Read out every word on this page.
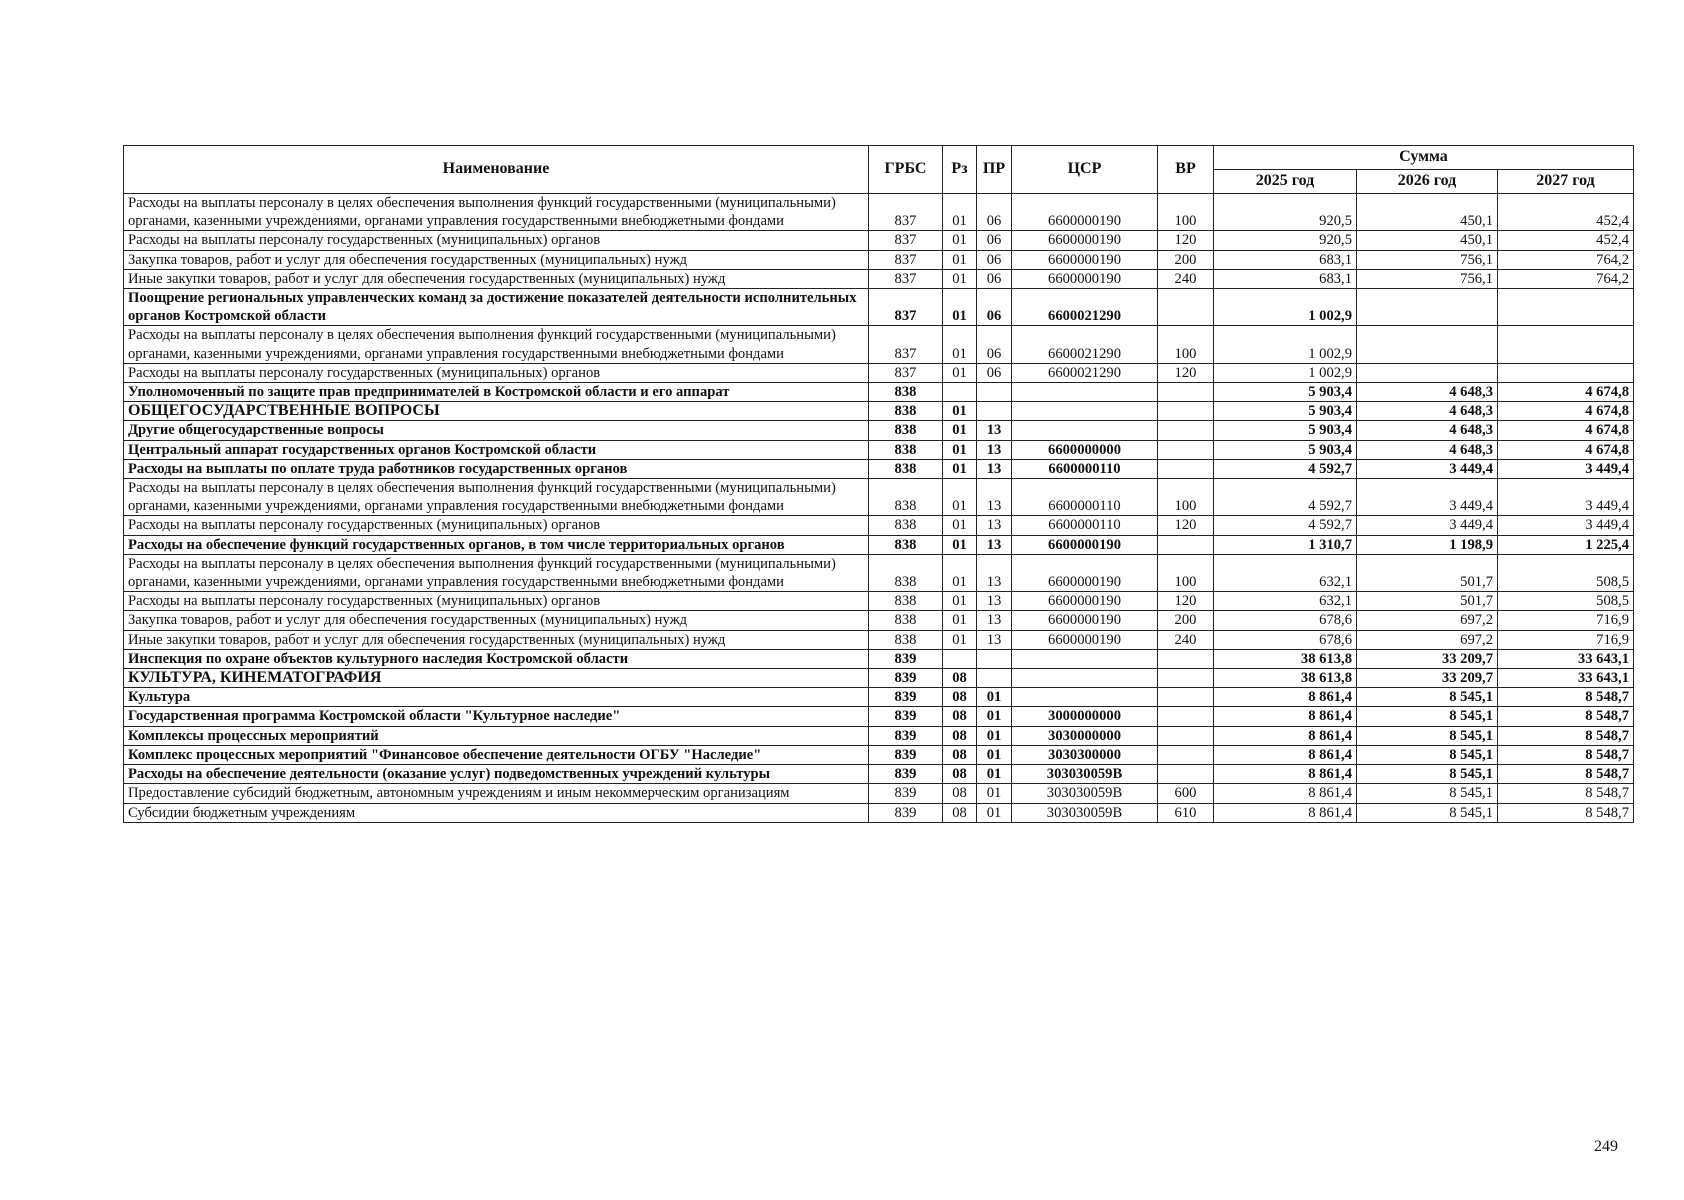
Наименование	ГРБС	Рз	ПР	ЦСР	ВР	Сумма		
						2025 год	2026 год	2027 год
Расходы на выплаты персоналу в целях обеспечения выполнения функций государственными (муниципальными) органами, казенными учреждениями, органами управления государственными внебюджетными фондами	837	01	06	6600000190	100	920,5	450,1	452,4
Расходы на выплаты персоналу государственных (муниципальных) органов	837	01	06	6600000190	120	920,5	450,1	452,4
Закупка товаров, работ и услуг для обеспечения государственных (муниципальных) нужд	837	01	06	6600000190	200	683,1	756,1	764,2
Иные закупки товаров, работ и услуг для обеспечения государственных (муниципальных) нужд	837	01	06	6600000190	240	683,1	756,1	764,2
Поощрение региональных управленческих команд за достижение показателей деятельности исполнительных органов Костромской области	837	01	06	6600021290		1 002,9		
Расходы на выплаты персоналу в целях обеспечения выполнения функций государственными (муниципальными) органами, казенными учреждениями, органами управления государственными внебюджетными фондами	837	01	06	6600021290	100	1 002,9		
Расходы на выплаты персоналу государственных (муниципальных) органов	837	01	06	6600021290	120	1 002,9		
Уполномоченный по защите прав предпринимателей в Костромской области и его аппарат	838					5 903,4	4 648,3	4 674,8
ОБЩЕГОСУДАРСТВЕННЫЕ ВОПРОСЫ	838	01				5 903,4	4 648,3	4 674,8
Другие общегосударственные вопросы	838	01	13			5 903,4	4 648,3	4 674,8
Центральный аппарат государственных органов Костромской области	838	01	13	6600000000		5 903,4	4 648,3	4 674,8
Расходы на выплаты по оплате труда работников государственных органов	838	01	13	6600000110		4 592,7	3 449,4	3 449,4
Расходы на выплаты персоналу в целях обеспечения выполнения функций государственными (муниципальными) органами, казенными учреждениями, органами управления государственными внебюджетными фондами	838	01	13	6600000110	100	4 592,7	3 449,4	3 449,4
Расходы на выплаты персоналу государственных (муниципальных) органов	838	01	13	6600000110	120	4 592,7	3 449,4	3 449,4
Расходы на обеспечение функций государственных органов, в том числе территориальных органов	838	01	13	6600000190		1 310,7	1 198,9	1 225,4
Расходы на выплаты персоналу в целях обеспечения выполнения функций государственными (муниципальными) органами, казенными учреждениями, органами управления государственными внебюджетными фондами	838	01	13	6600000190	100	632,1	501,7	508,5
Расходы на выплаты персоналу государственных (муниципальных) органов	838	01	13	6600000190	120	632,1	501,7	508,5
Закупка товаров, работ и услуг для обеспечения государственных (муниципальных) нужд	838	01	13	6600000190	200	678,6	697,2	716,9
Иные закупки товаров, работ и услуг для обеспечения государственных (муниципальных) нужд	838	01	13	6600000190	240	678,6	697,2	716,9
Инспекция по охране объектов культурного наследия Костромской области	839					38 613,8	33 209,7	33 643,1
КУЛЬТУРА, КИНЕМАТОГРАФИЯ	839	08				38 613,8	33 209,7	33 643,1
Культура	839	08	01			8 861,4	8 545,1	8 548,7
Государственная программа Костромской области "Культурное наследие"	839	08	01	3000000000		8 861,4	8 545,1	8 548,7
Комплексы процессных мероприятий	839	08	01	3030000000		8 861,4	8 545,1	8 548,7
Комплекс процессных мероприятий "Финансовое обеспечение деятельности ОГБУ "Наследие"	839	08	01	3030300000		8 861,4	8 545,1	8 548,7
Расходы на обеспечение деятельности (оказание услуг) подведомственных учреждений культуры	839	08	01	303030059В		8 861,4	8 545,1	8 548,7
Предоставление субсидий бюджетным, автономным учреждениям и иным некоммерческим организациям	839	08	01	303030059В	600	8 861,4	8 545,1	8 548,7
Субсидии бюджетным учреждениям	839	08	01	303030059В	610	8 861,4	8 545,1	8 548,7
249
